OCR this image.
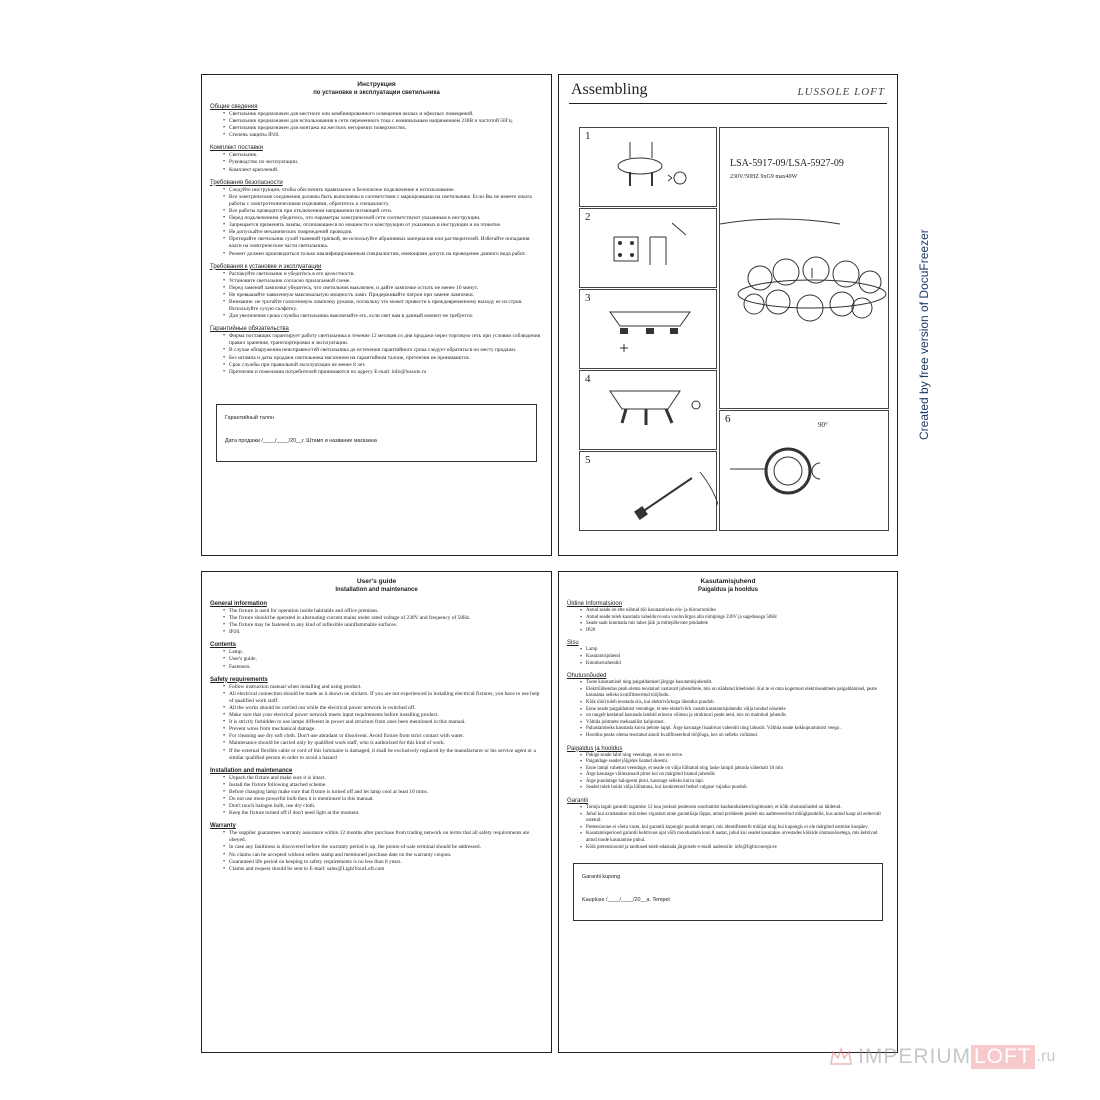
Инструкция
по установке и эксплуатации светильника
Общие сведения
• Светильник предназначен для местного или комбинированного освещения жилых и офисных помещений.
• Светильник предназначен для использования в сети переменного тока с номинальным напряжением 230В и частотой 50Гц.
• Светильник предназначен для монтажа на жестких негорючих поверхностях.
• Степень защиты IP20.
Комплект поставки
• Светильник.
• Руководство по эксплуатации.
• Комплект креплений.
Требования безопасности
• Следуйте инструкции, чтобы обеспечить правильное и безопасное подключение и использование.
• Все электрические соединения должны быть выполнены в соответствии с маркировками на светильнике. Если Вы не имеете опыта работы с электротехническими изделиями, обратитесь к специалисту.
• Все работы проводятся при отключенном напряжении питающей сети.
• Перед подключением убедитесь, что параметры электрической сети соответствуют указанным в инструкции.
• Запрещается применять лампы, отличающиеся по мощности и конструкции от указанных в инструкции и на этикетке.
• Не допускайте механических повреждений проводов.
• Протирайте светильник сухой тканевой тряпкой, не используйте абразивных материалов или растворителей. Избегайте попадания влаги на электрические части светильника.
• Ремонт должен производиться только квалифицированным специалистам, имеющими допуск на проведение данного вида работ.
Требования к установке и эксплуатации
• Распакуйте светильник и убедитесь в его целостности.
• Установите светильник согласно прилагаемой схеме.
• Перед заменой лампочки убедитесь, что светильник выключен, и дайте лампочке остыть не менее 10 минут.
• Не превышайте заявленную максимальную мощность ламп. Придерживайте патрон при замене лампочки.
• Внимание: не трогайте галогеновую лампочку руками, поскольку это может привести к преждевременному выходу ее из строя. Используйте сухую салфетку.
• Для увеличения срока службы светильника выключайте его, если свет вам в данный момент не требуется.
Гарантийные обязательства
• Фирма поставщик гарантирует работу светильника в течение 12 месяцев со дня продажи через торговую сеть при условии соблюдения правил хранения, транспортировки и эксплуатации.
• В случае обнаружения неисправностей светильника до истечения гарантийного срока следует обратиться по месту продажи.
• Без штампа и даты продажи светильника магазином на гарантийном талоне, претензии не принимаются.
• Срок службы при правильной эксплуатации не менее 8 лет.
• Претензии и пожелания потребителей принимаются по адресу E-mail: info@lussole.ru
Гарантийный талон
Дата продажи /____/____/20__г. Штамп и название магазина
Assembling	LUSSOLE LOFT
1
2
3
4
5
LSA-5917-09/LSA-5927-09
230V/50HZ 9xG9 max40W
6	90°
User's guide
Installation and maintenance
General information
• The fixture is used for operation inside habitable and office premises.
• The fixture should be operated in alternating-current mains under rated voltage of 230V and frequency of 50Hz.
• The fixture may be fastened to any kind of inflexible uninflammable surfaces.
• IP20.
Contents
• Lamp.
• User's guide.
• Fasteners.
Safety requirements
• Follow instruction manual when installing and using product.
• All electrical connection should be made as it shown on stickers. If you are not experienced in installing electrical fixtures, you have to use help of qualified work staff.
• All the works should be carried out while the electrical power network is switched off.
• Make sure that your electrical power network meets input requirements before installing product.
• It is strictly forbidden to use lamps different in power and structure from ones been mentioned in this manual.
• Prevent wires from mechanical damage.
• For cleaning use dry soft cloth. Don't use abradant or dissolvent. Avoid fixture from strict contact with water.
• Maintenance should be carried only by qualified work staff, who is authorized for this kind of work.
• If the external flexible cable or cord of this luminaire is damaged, it shall be exclusively replaced by the manufacturer or his service agent or a similar qualified person in order to avoid a hazard
Installation and maintenance
• Unpack the fixture and make sure it is intact.
• Install the fixture following attached scheme.
• Before changing lamp make sure that fixture is turned off and let lamp cool at least 10 mins.
• Do not use more powerful bulb then it is mentioned in this manual.
• Don't touch halogen bulb, use dry cloth.
• Keep the fixture turned off if don't need light at the moment.
Warranty
• The supplier guarantees warranty assurance within 12 months after purchase from trading network on terms that all safety requirements are obeyed.
• In case any faultiness is discovered before the warranty period is up, the points-of-sale terminal should be addressed.
• No claims can be accepted without sellers stamp and mentioned purchase date on the warranty coupon.
• Guaranteed life period on keeping to safety requirements is no less than 8 years.
• Claims and request should be sent to E-mail: sales@LightYourLoft.com
Kasutamisjuhend
Paigaldus ja hooldus
Üldine Informatsioon
• Antud seade on ette nähtud töö kasutamiseks elu- ja büroorumides
• Antud seade tuleb kasutada vahelduvvoolu vooluvõrgus alla nimipinge 230V ja sagedusega 50Hz
• Seade saab kinnitada mis tahes jäik ja mittepõlevate pindadele
• IP20
Sisu
• Lamp
• Kasutamisjuhend
• Kinnitusvahendid
Ohutusnõuded
• Toote kasutamisel ning paigaldamisel järgige kasutamisjuhendit.
• Elektrilühendus peab olema teostatud vastavalt juhenditele, mis on näidatud kleebistel. Kui te ei oma kogemust elektriseadmete paigaldamisel, peate kasutama selleks kvalifitseeritud tööjõudu.
• Kõik tööd tuleb teostada siis, kui elektrivõrkuga ühendus puudub.
• Enne seade paigaldamist veenduge, et teie elektrivõrk vastab kasutamisjuhendis välja toodud nõuetele
• on rangelt keelatud kasutada lambid erineva võimsu ja struktuuri peale neid, mis on mainitud juhendis
• Vältida juhtmete mehaanilist kahjustust.
• Puhastamiseks kasutada kuiva pehme lappi. Ärge kasutage lisaabivat vahendit ning lahustit. Vältida seade kokkupuutumist veega .
• Hooldus peaks olema teostatud ainult kvalifitseeritud tööjõuga, kes on selleks volitatud.
Paigaldus ja hooldus
• Pakige seade lahti ning veenduge, et see on terve.
• Paigaldage seadet jõlgides lisatud skeemi.
• Enne lampi vahetust veenduge, et seade on välja lülitatud ning laske lampil jahtuda vähemalt 10 min
• Ärge kasutage võimsamaid pirne kui on märgitud lisatud juhendis
• Ärge puudutage halogeeni pirni, kasutage selleks kuiva lapi.
• Seadet tuleb hoida välja lülitatuna, kui konkreetsel hetkel valguse vajadus puudub.
Garantii
• Tarnija tagab garantii tagamise 12 kuu jooksul pealeostu sooritamist kaubandusketts/ingimustel, et kõik ohutusnõuded on täidetud.
• Juhul kui avastatakse mis tahes vigastust enne garantiiaja lõppu, antud probleem pealeb ma aadresseeritud müügipunktile, kus antud kaup oli eelnevalt ostetud.
• Pretensioone ei võeta vastu, kui garantii kupongis puudub tempel, mis identifitseerib müüjat ning kui kupongis ei ole märgitud ostmise kuupäev.
• Kasutamisperiood garantii kehtivuse ajal võib moodustada kuni 8 aastat, juhul kui seadet kasutakse arvestades kõikide ohutusnõuetega, mis kehtivad antud toode kasutamise puhul.
• Kõik pretensioonid ja taotlused tuleb edastada järgnisele e-maili aadressile: info@lightconcept.ee
Garantii kupong
Kaupluse /____/____/20__a. Tempel
Created by free version of DocuFreezer
IMPERIUM LOFT .ru
